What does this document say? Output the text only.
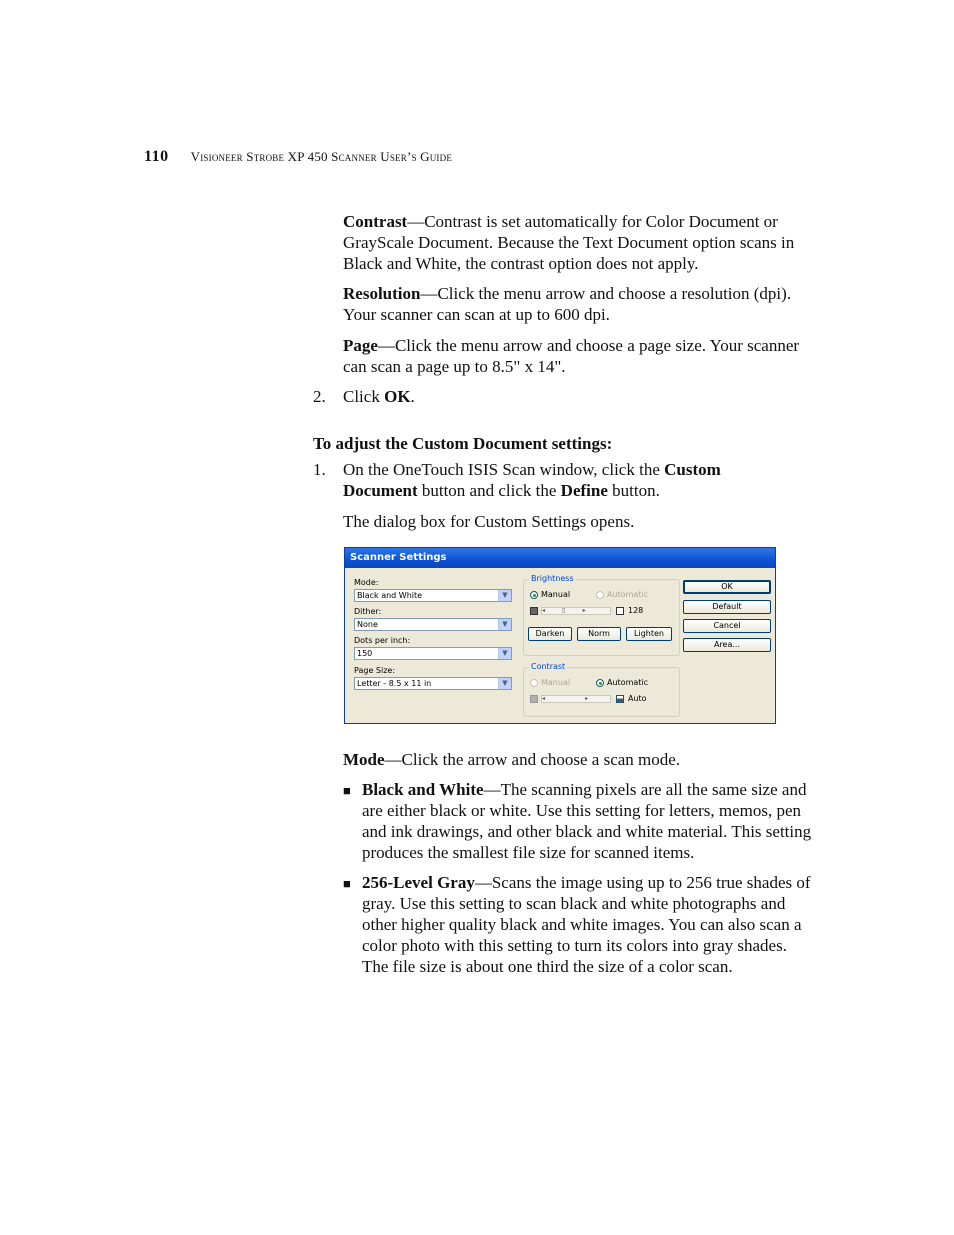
110 Visioneer Strobe XP 450 Scanner User’s Guide
Contrast—Contrast is set automatically for Color Document or GrayScale Document. Because the Text Document option scans in Black and White, the contrast option does not apply.
Resolution—Click the menu arrow and choose a resolution (dpi). Your scanner can scan at up to 600 dpi.
Page—Click the menu arrow and choose a page size. Your scanner can scan a page up to 8.5" x 14".
2. Click OK.
To adjust the Custom Document settings:
1. On the OneTouch ISIS Scan window, click the Custom Document button and click the Define button.
The dialog box for Custom Settings opens.
Scanner Settings
Mode:
Black and White	▼
Dither:
None	▼
Dots per inch:
150	▼
Page Size:
Letter - 8.5 x 11 in	▼
Brightness
Manual	Automatic
◂         ▯         ▸	128
Darken	Norm	Lighten
Contrast
Manual	Automatic
◂                     ▸	Auto
OK
Default
Cancel
Area...
Mode—Click the arrow and choose a scan mode.
■ Black and White—The scanning pixels are all the same size and are either black or white. Use this setting for letters, memos, pen and ink drawings, and other black and white material. This setting produces the smallest file size for scanned items.
■ 256-Level Gray—Scans the image using up to 256 true shades of gray. Use this setting to scan black and white photographs and other higher quality black and white images. You can also scan a color photo with this setting to turn its colors into gray shades. The file size is about one third the size of a color scan.
